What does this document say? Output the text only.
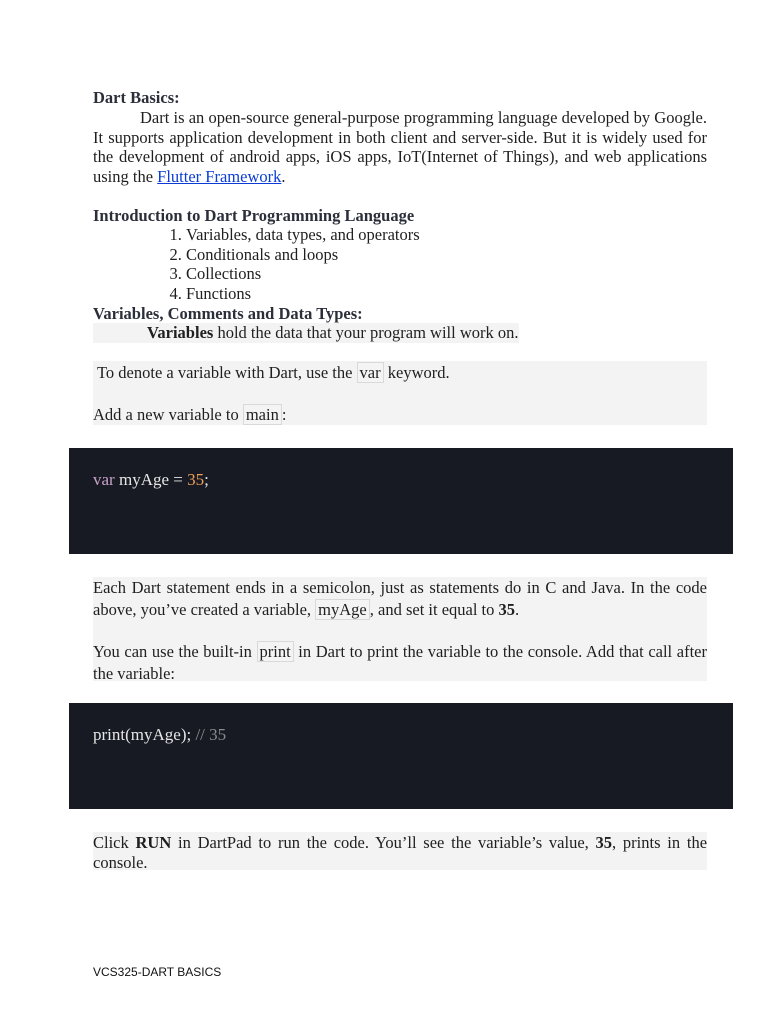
Dart Basics:
Dart is an open-source general-purpose programming language developed by Google. It supports application development in both client and server-side. But it is widely used for the development of android apps, iOS apps, IoT(Internet of Things), and web applications using the Flutter Framework.
Introduction to Dart Programming Language
1. Variables, data types, and operators
2. Conditionals and loops
3. Collections
4. Functions
Variables, Comments and Data Types:
Variables hold the data that your program will work on.
To denote a variable with Dart, use the var keyword.
Add a new variable to main :
var myAge = 35;
Each Dart statement ends in a semicolon, just as statements do in C and Java. In the code above, you’ve created a variable, myAge , and set it equal to 35.
You can use the built-in print in Dart to print the variable to the console. Add that call after the variable:
print(myAge); // 35
Click RUN in DartPad to run the code. You’ll see the variable’s value, 35, prints in the console.
VCS325-DART BASICS
